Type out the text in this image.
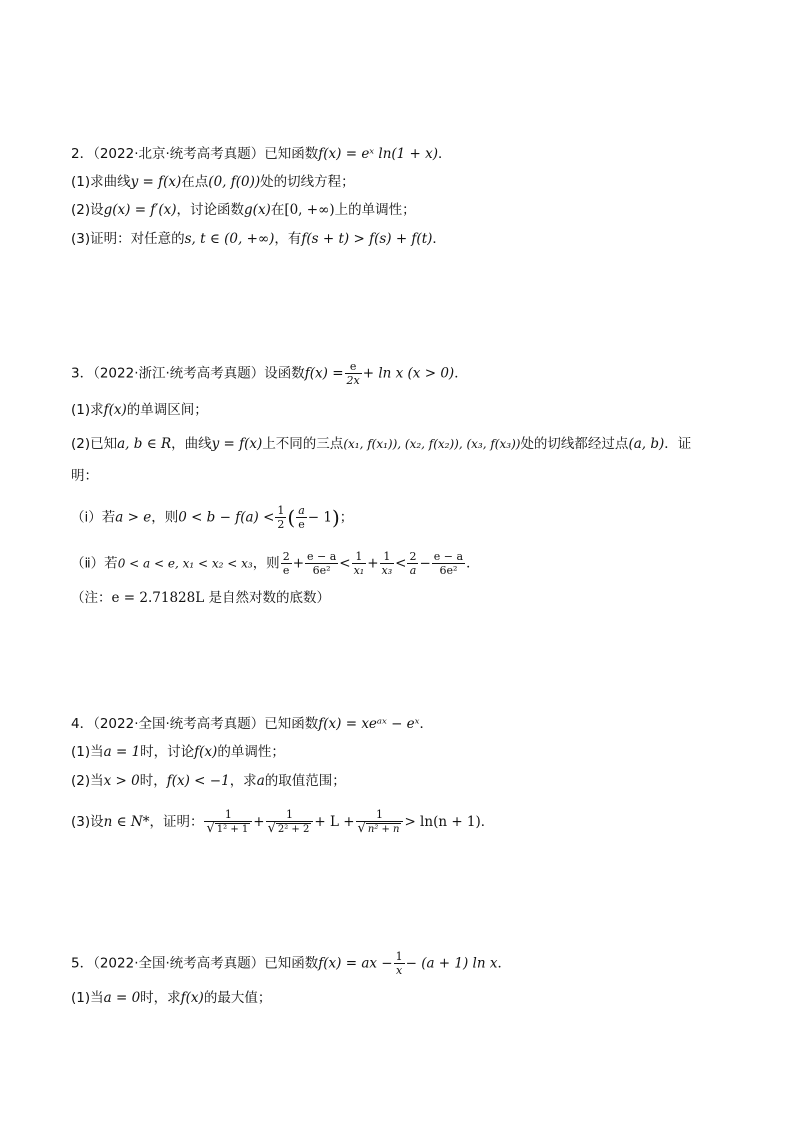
2．（2022·北京·统考高考真题）已知函数f(x) = eˣ ln(1 + x)．
(1)求曲线y = f(x)在点(0, f(0))处的切线方程；
(2)设g(x) = f′(x)，讨论函数g(x)在[0, +∞)上的单调性；
(3)证明：对任意的s, t ∈ (0, +∞)，有f(s + t) > f(s) + f(t)．
3．（2022·浙江·统考高考真题）设函数$f(x) = \frac{e}{2x} + \ln x$ (x > 0)．
(1)求f(x)的单调区间；
(2)已知a, b ∈ R，曲线y = f(x)上不同的三点(x₁, f(x₁)), (x₂, f(x₂)), (x₃, f(x₃))处的切线都经过点(a, b)．证
明：
（ⅰ）若a > e，则$0 < b - f(a) < \frac{1}{2}$ ( $\frac{a}{e} - 1$)；
（ⅱ）若0 < a < e, x₁ < x₂ < x₃，则 $\frac{2}{e} + \frac{e - a}{\text{6e²}} < \frac{1}{\text{x₁}} + \frac{1}{\text{x₃}} < \frac{2}{a} - \frac{e - a}{\text{6e²}}$ ．
（注：e = 2.71828L 是自然对数的底数）
4．（2022·全国·统考高考真题）已知函数f(x) = xeᵃˣ − eˣ．
(1)当a = 1时，讨论f(x)的单调性；
(2)当x > 0时，f(x) < −1，求a的取值范围；
(3)设n ∈ N*，证明： $\frac{1}{\text{√ 1² + 1}} + \frac{1}{\text{√ 2² + 2}} + L + \frac{1}{\text{√ n² + n}} > \ln(n + 1)$．
5．（2022·全国·统考高考真题）已知函数f(x) = ax − $\frac{1}{x} - (a + 1)$ ln x．
(1)当a = 0时，求f(x)的最大值；
